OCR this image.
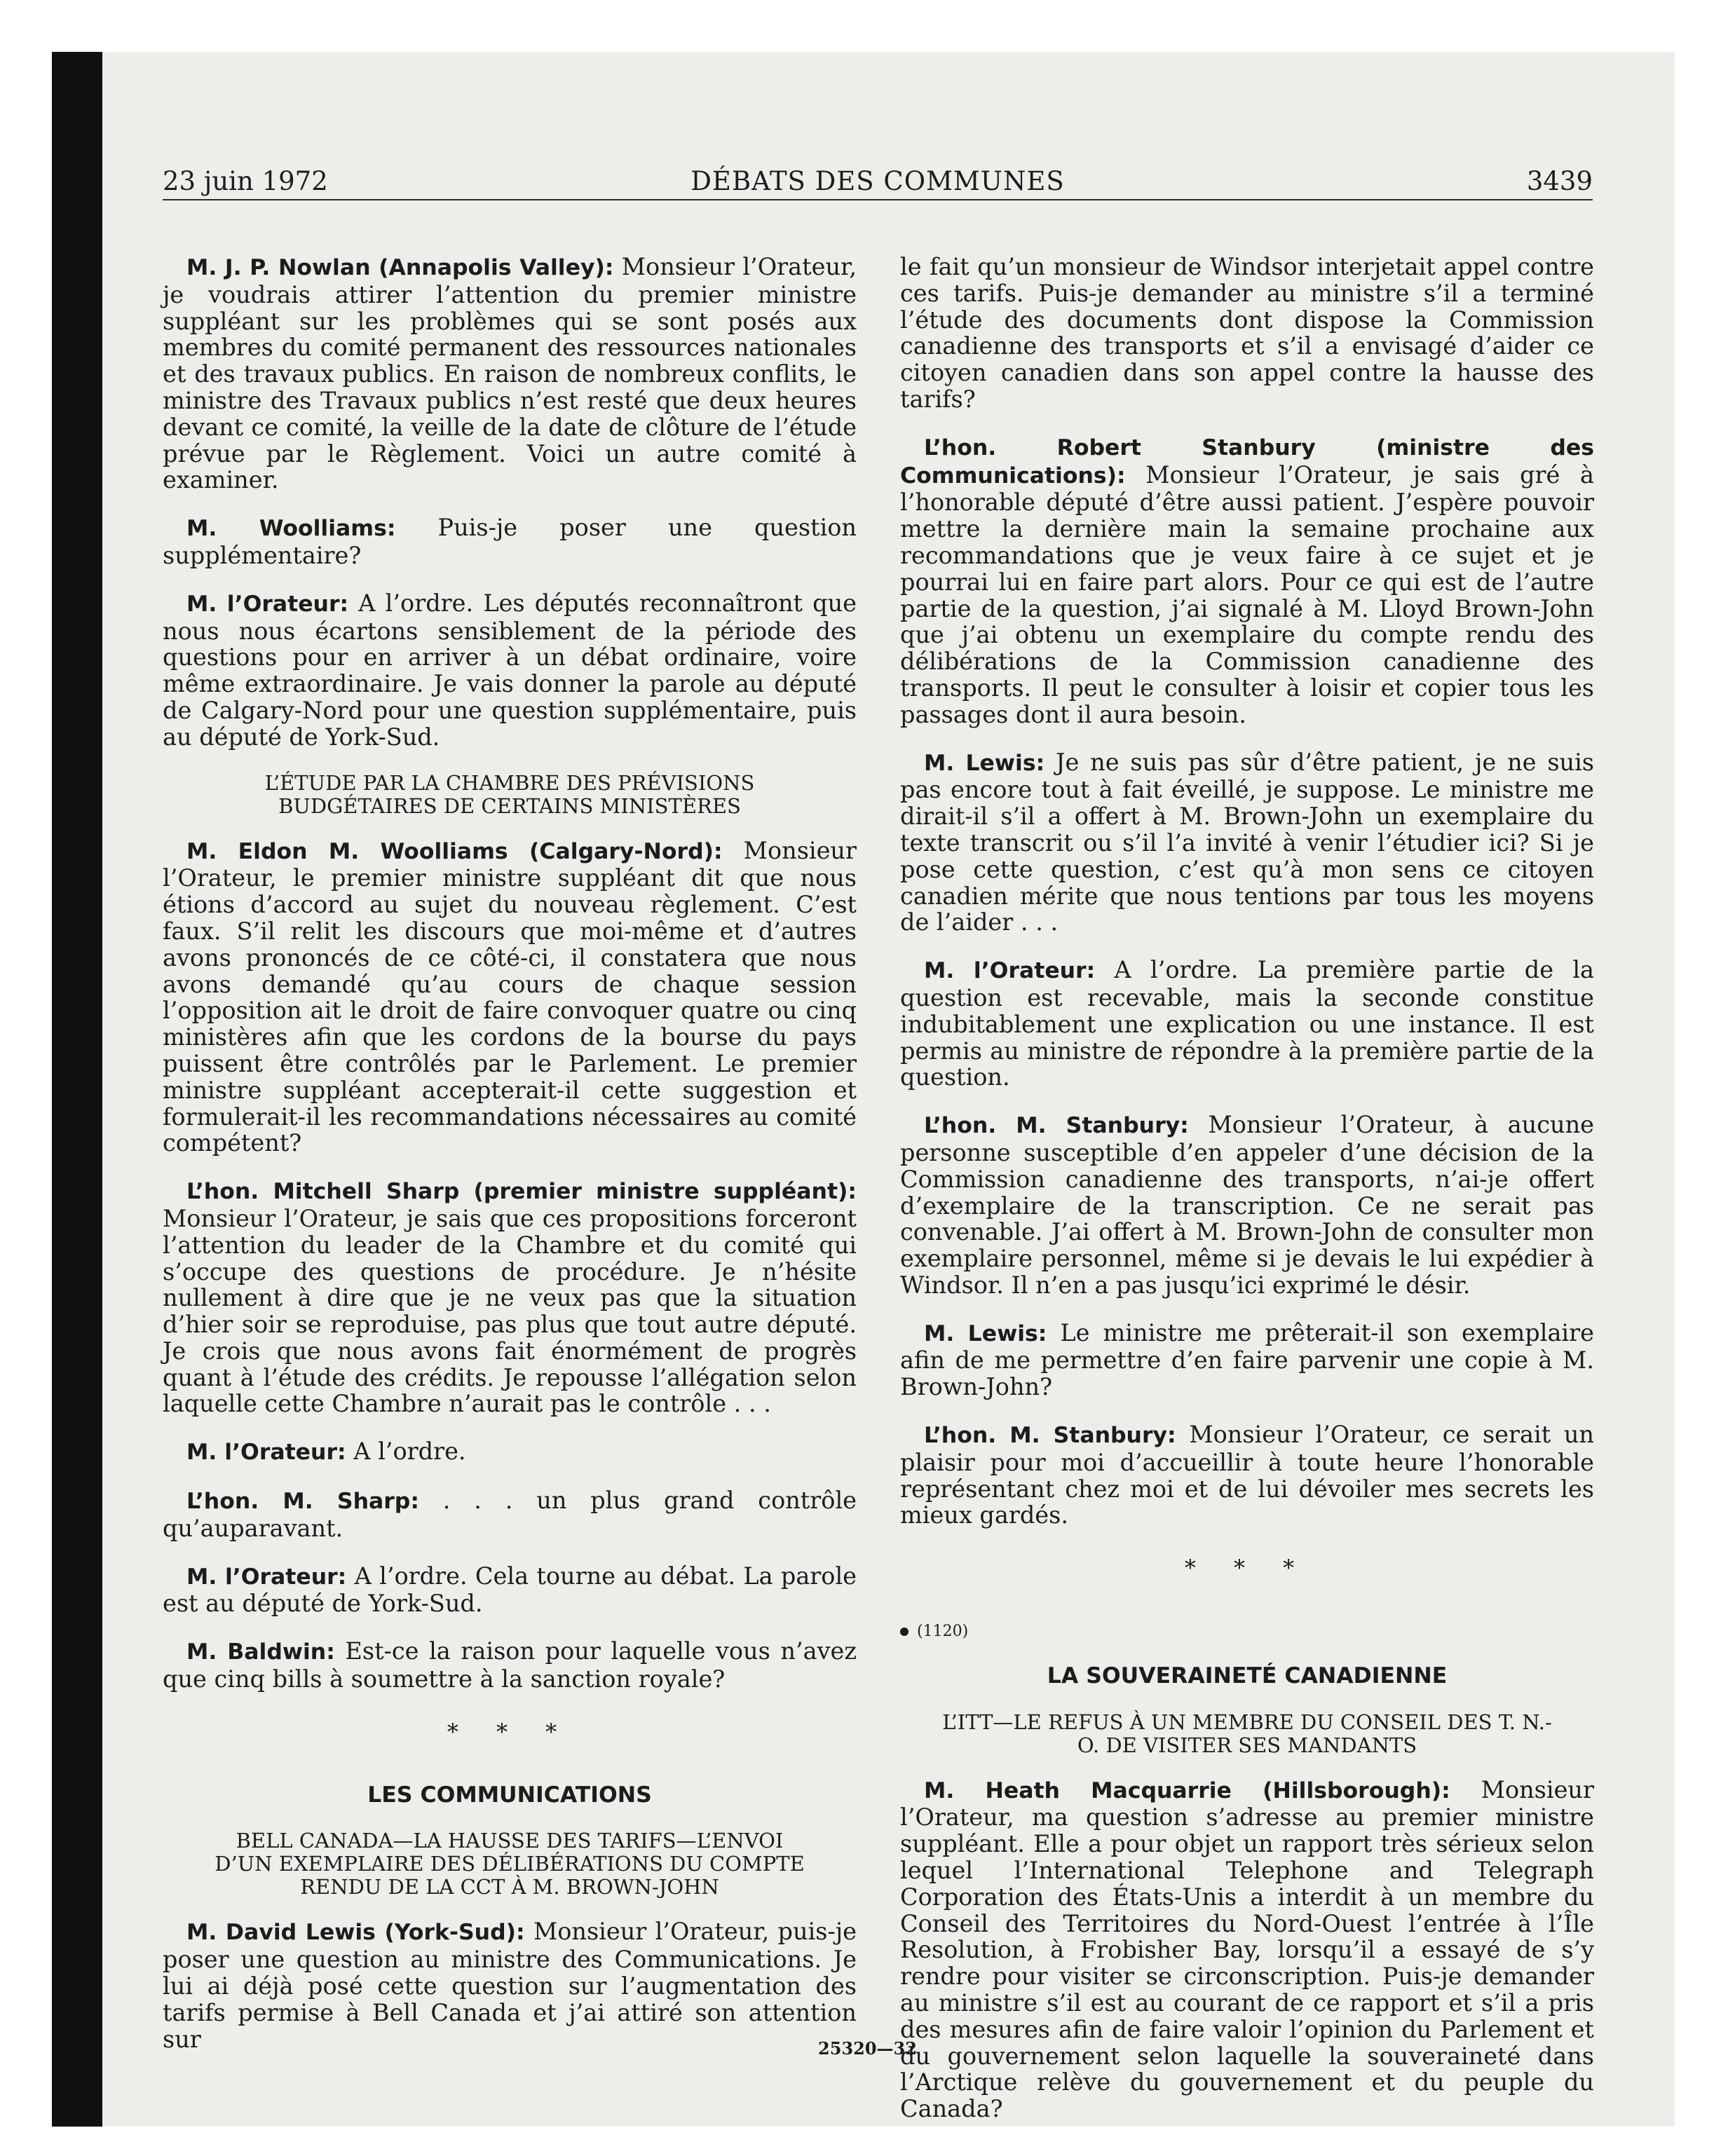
23 juin 1972	DÉBATS DES COMMUNES	3439

M. J. P. Nowlan (Annapolis Valley): Monsieur l’Orateur, je voudrais attirer l’attention du premier ministre suppléant sur les problèmes qui se sont posés aux membres du comité permanent des ressources nationales et des travaux publics. En raison de nombreux conflits, le ministre des Travaux publics n’est resté que deux heures devant ce comité, la veille de la date de clôture de l’étude prévue par le Règlement. Voici un autre comité à examiner.

M. Woolliams: Puis-je poser une question supplémentaire?

M. l’Orateur: A l’ordre. Les députés reconnaîtront que nous nous écartons sensiblement de la période des questions pour en arriver à un débat ordinaire, voire même extraordinaire. Je vais donner la parole au député de Calgary-Nord pour une question supplémentaire, puis au député de York-Sud.

L’ÉTUDE PAR LA CHAMBRE DES PRÉVISIONS BUDGÉTAIRES DE CERTAINS MINISTÈRES

M. Eldon M. Woolliams (Calgary-Nord): Monsieur l’Orateur, le premier ministre suppléant dit que nous étions d’accord au sujet du nouveau règlement. C’est faux. S’il relit les discours que moi-même et d’autres avons prononcés de ce côté-ci, il constatera que nous avons demandé qu’au cours de chaque session l’opposition ait le droit de faire convoquer quatre ou cinq ministères afin que les cordons de la bourse du pays puissent être contrôlés par le Parlement. Le premier ministre suppléant accepterait-il cette suggestion et formulerait-il les recommandations nécessaires au comité compétent?

L’hon. Mitchell Sharp (premier ministre suppléant): Monsieur l’Orateur, je sais que ces propositions forceront l’attention du leader de la Chambre et du comité qui s’occupe des questions de procédure. Je n’hésite nullement à dire que je ne veux pas que la situation d’hier soir se reproduise, pas plus que tout autre député. Je crois que nous avons fait énormément de progrès quant à l’étude des crédits. Je repousse l’allégation selon laquelle cette Chambre n’aurait pas le contrôle . . .

M. l’Orateur: A l’ordre.

L’hon. M. Sharp: . . . un plus grand contrôle qu’auparavant.

M. l’Orateur: A l’ordre. Cela tourne au débat. La parole est au député de York-Sud.

M. Baldwin: Est-ce la raison pour laquelle vous n’avez que cinq bills à soumettre à la sanction royale?

* * *
LES COMMUNICATIONS
BELL CANADA—LA HAUSSE DES TARIFS—L’ENVOI D’UN EXEMPLAIRE DES DÉLIBÉRATIONS DU COMPTE RENDU DE LA CCT À M. BROWN-JOHN

M. David Lewis (York-Sud): Monsieur l’Orateur, puis-je poser une question au ministre des Communications. Je lui ai déjà posé cette question sur l’augmentation des tarifs permise à Bell Canada et j’ai attiré son attention sur

le fait qu’un monsieur de Windsor interjetait appel contre ces tarifs. Puis-je demander au ministre s’il a terminé l’étude des documents dont dispose la Commission canadienne des transports et s’il a envisagé d’aider ce citoyen canadien dans son appel contre la hausse des tarifs?

L’hon. Robert Stanbury (ministre des Communications): Monsieur l’Orateur, je sais gré à l’honorable député d’être aussi patient. J’espère pouvoir mettre la dernière main la semaine prochaine aux recommandations que je veux faire à ce sujet et je pourrai lui en faire part alors. Pour ce qui est de l’autre partie de la question, j’ai signalé à M. Lloyd Brown-John que j’ai obtenu un exemplaire du compte rendu des délibérations de la Commission canadienne des transports. Il peut le consulter à loisir et copier tous les passages dont il aura besoin.

M. Lewis: Je ne suis pas sûr d’être patient, je ne suis pas encore tout à fait éveillé, je suppose. Le ministre me dirait-il s’il a offert à M. Brown-John un exemplaire du texte transcrit ou s’il l’a invité à venir l’étudier ici? Si je pose cette question, c’est qu’à mon sens ce citoyen canadien mérite que nous tentions par tous les moyens de l’aider . . .

M. l’Orateur: A l’ordre. La première partie de la question est recevable, mais la seconde constitue indubitablement une explication ou une instance. Il est permis au ministre de répondre à la première partie de la question.

L’hon. M. Stanbury: Monsieur l’Orateur, à aucune personne susceptible d’en appeler d’une décision de la Commission canadienne des transports, n’ai-je offert d’exemplaire de la transcription. Ce ne serait pas convenable. J’ai offert à M. Brown-John de consulter mon exemplaire personnel, même si je devais le lui expédier à Windsor. Il n’en a pas jusqu’ici exprimé le désir.

M. Lewis: Le ministre me prêterait-il son exemplaire afin de me permettre d’en faire parvenir une copie à M. Brown-John?

L’hon. M. Stanbury: Monsieur l’Orateur, ce serait un plaisir pour moi d’accueillir à toute heure l’honorable représentant chez moi et de lui dévoiler mes secrets les mieux gardés.

* * *
(1120)
LA SOUVERAINETÉ CANADIENNE
L’ITT—LE REFUS À UN MEMBRE DU CONSEIL DES T. N.-O. DE VISITER SES MANDANTS

M. Heath Macquarrie (Hillsborough): Monsieur l’Orateur, ma question s’adresse au premier ministre suppléant. Elle a pour objet un rapport très sérieux selon lequel l’International Telephone and Telegraph Corporation des États-Unis a interdit à un membre du Conseil des Territoires du Nord-Ouest l’entrée à l’Île Resolution, à Frobisher Bay, lorsqu’il a essayé de s’y rendre pour visiter se circonscription. Puis-je demander au ministre s’il est au courant de ce rapport et s’il a pris des mesures afin de faire valoir l’opinion du Parlement et du gouvernement selon laquelle la souveraineté dans l’Arctique relève du gouvernement et du peuple du Canada?

25320—32
